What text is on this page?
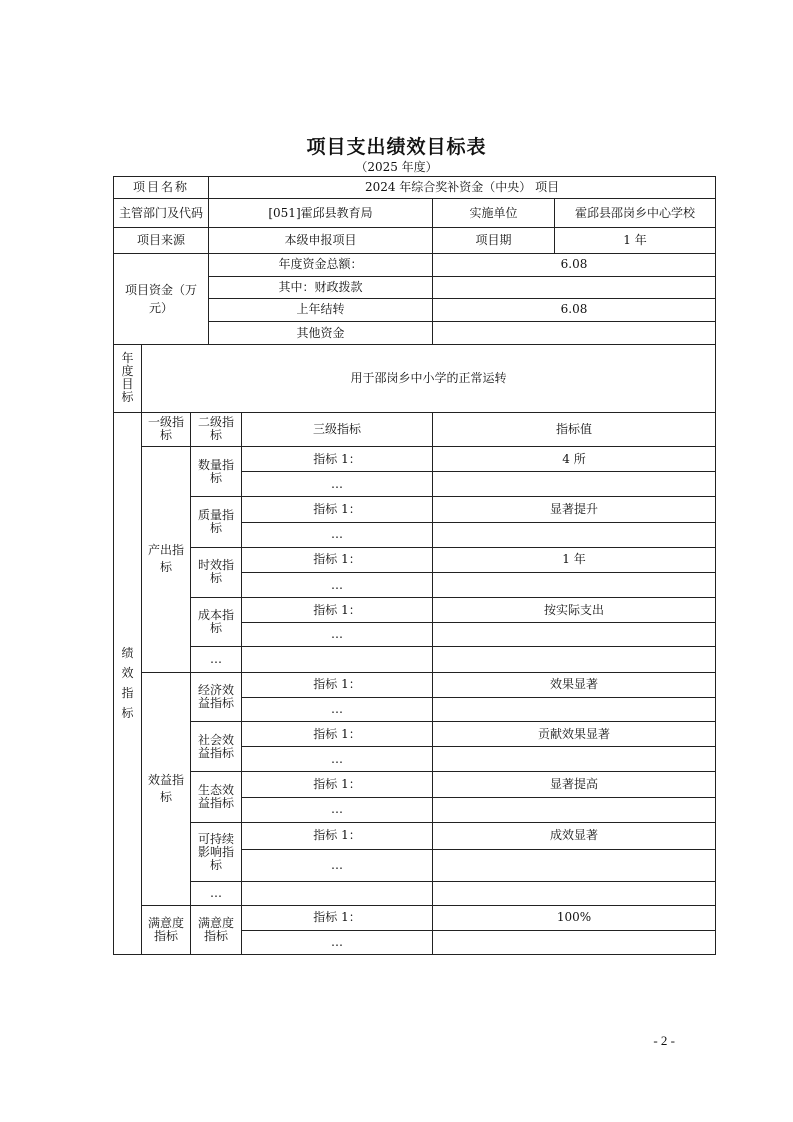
项目支出绩效目标表
（2025 年度）
项目名称			2024 年综合奖补资金（中央） 项目			
主管部门及代码			[051]霍邱县教育局		实施单位	霍邱县邵岗乡中心学校
项目来源			本级申报项目		项目期	1 年
项目资金（万元）			年度资金总额：		6.08	
			其中：财政拨款			
			上年结转		6.08	
			其他资金			
年度目标	用于邵岗乡中小学的正常运转					
绩效指标	一级指标	二级指标		三级指标	指标值	
	产出指标	数量指标		指标 1：	4 所	
				…		
		质量指标		指标 1：	显著提升	
				…		
		时效指标		指标 1：	1 年	
				…		
		成本指标		指标 1：	按实际支出	
				…		
		…				
	效益指标	经济效益指标		指标 1：	效果显著	
				…		
		社会效益指标		指标 1：	贡献效果显著	
				…		
		生态效益指标		指标 1：	显著提高	
				…		
		可持续影响指标		指标 1：	成效显著	
				…		
		…				
	满意度指标	满意度指标		指标 1：	100%	
				…		
- 2 -
